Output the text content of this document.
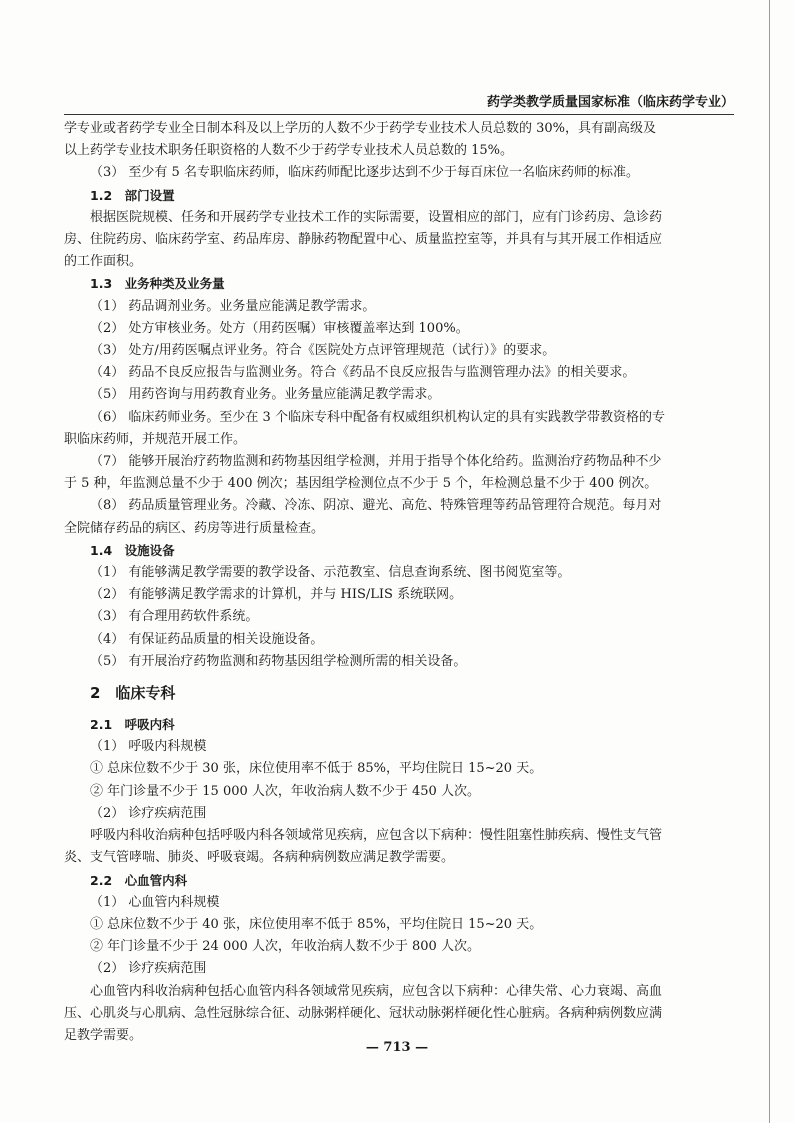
药学类教学质量国家标准（临床药学专业）

学专业或者药学专业全日制本科及以上学历的人数不少于药学专业技术人员总数的 30%，具有副高级及

以上药学专业技术职务任职资格的人数不少于药学专业技术人员总数的 15%。

（3） 至少有 5 名专职临床药师，临床药师配比逐步达到不少于每百床位一名临床药师的标准。

1.2　部门设置

根据医院规模、任务和开展药学专业技术工作的实际需要，设置相应的部门，应有门诊药房、急诊药

房、住院药房、临床药学室、药品库房、静脉药物配置中心、质量监控室等，并具有与其开展工作相适应

的工作面积。

1.3　业务种类及业务量

（1） 药品调剂业务。业务量应能满足教学需求。

（2） 处方审核业务。处方（用药医嘱）审核覆盖率达到 100%。

（3） 处方/用药医嘱点评业务。符合《医院处方点评管理规范（试行）》的要求。

（4） 药品不良反应报告与监测业务。符合《药品不良反应报告与监测管理办法》的相关要求。

（5） 用药咨询与用药教育业务。业务量应能满足教学需求。

（6） 临床药师业务。至少在 3 个临床专科中配备有权威组织机构认定的具有实践教学带教资格的专

职临床药师，并规范开展工作。

（7） 能够开展治疗药物监测和药物基因组学检测，并用于指导个体化给药。监测治疗药物品种不少

于 5 种，年监测总量不少于 400 例次；基因组学检测位点不少于 5 个，年检测总量不少于 400 例次。

（8） 药品质量管理业务。冷藏、冷冻、阴凉、避光、高危、特殊管理等药品管理符合规范。每月对

全院储存药品的病区、药房等进行质量检查。

1.4　设施设备

（1） 有能够满足教学需要的教学设备、示范教室、信息查询系统、图书阅览室等。

（2） 有能够满足教学需求的计算机，并与 HIS/LIS 系统联网。

（3） 有合理用药软件系统。

（4） 有保证药品质量的相关设施设备。

（5） 有开展治疗药物监测和药物基因组学检测所需的相关设备。

2　临床专科

2.1　呼吸内科

（1） 呼吸内科规模

① 总床位数不少于 30 张，床位使用率不低于 85%，平均住院日 15~20 天。

② 年门诊量不少于 15 000 人次，年收治病人数不少于 450 人次。

（2） 诊疗疾病范围

呼吸内科收治病种包括呼吸内科各领域常见疾病，应包含以下病种：慢性阻塞性肺疾病、慢性支气管

炎、支气管哮喘、肺炎、呼吸衰竭。各病种病例数应满足教学需要。

2.2　心血管内科

（1） 心血管内科规模

① 总床位数不少于 40 张，床位使用率不低于 85%，平均住院日 15~20 天。

② 年门诊量不少于 24 000 人次，年收治病人数不少于 800 人次。

（2） 诊疗疾病范围

心血管内科收治病种包括心血管内科各领域常见疾病，应包含以下病种：心律失常、心力衰竭、高血

压、心肌炎与心肌病、急性冠脉综合征、动脉粥样硬化、冠状动脉粥样硬化性心脏病。各病种病例数应满

足教学需要。

— 713 —
